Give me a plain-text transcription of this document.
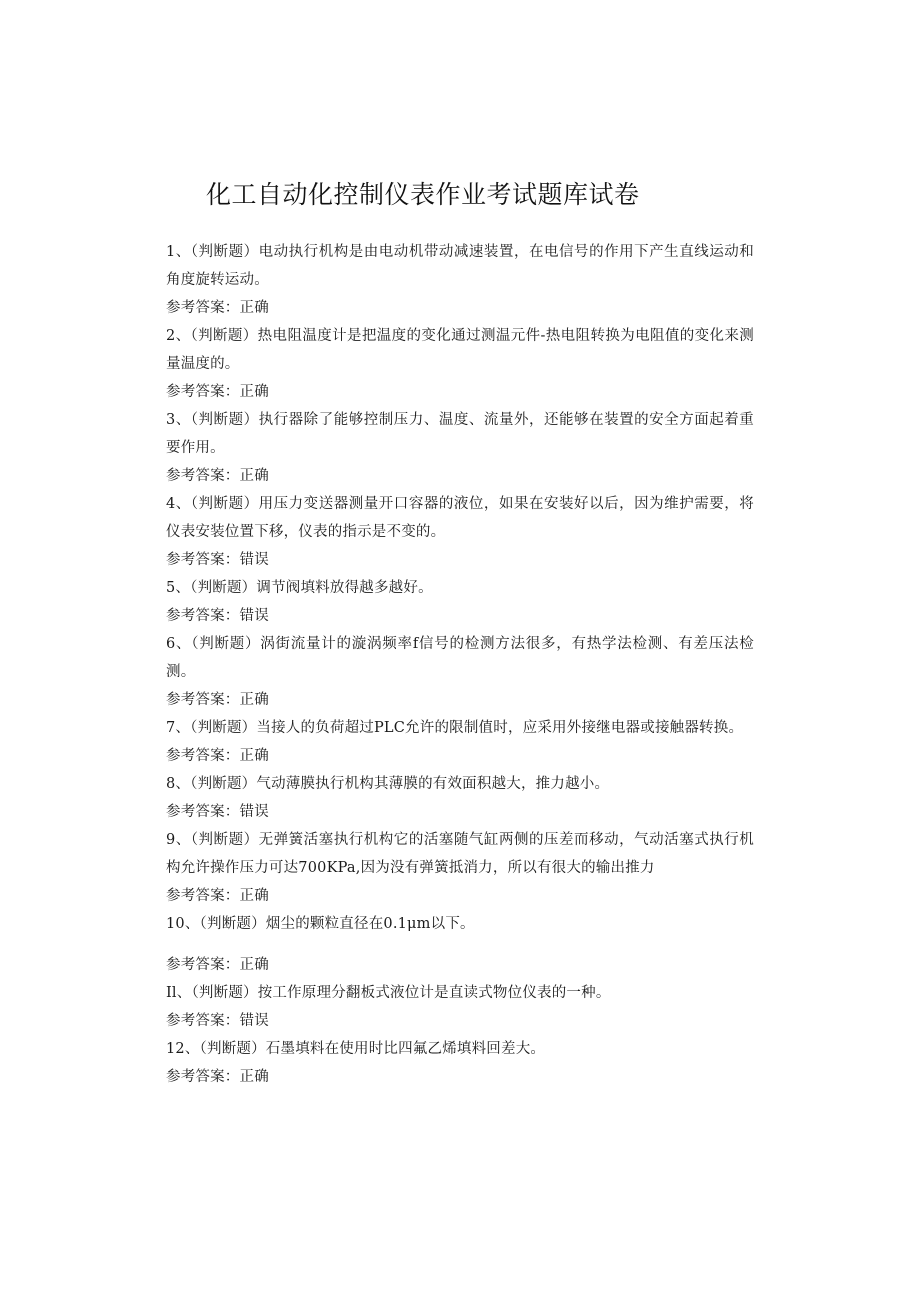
化工自动化控制仪表作业考试题库试卷

1、（判断题）电动执行机构是由电动机带动减速装置，在电信号的作用下产生直线运动和角度旋转运动。

参考答案：正确

2、（判断题）热电阻温度计是把温度的变化通过测温元件-热电阻转换为电阻值的变化来测量温度的。

参考答案：正确

3、（判断题）执行器除了能够控制压力、温度、流量外，还能够在装置的安全方面起着重要作用。

参考答案：正确

4、（判断题）用压力变送器测量开口容器的液位，如果在安装好以后，因为维护需要，将仪表安装位置下移，仪表的指示是不变的。

参考答案：错误

5、（判断题）调节阀填料放得越多越好。

参考答案：错误

6、（判断题）涡街流量计的漩涡频率f信号的检测方法很多，有热学法检测、有差压法检测。

参考答案：正确

7、（判断题）当接人的负荷超过PLC允许的限制值时，应采用外接继电器或接触器转换。

参考答案：正确

8、（判断题）气动薄膜执行机构其薄膜的有效面积越大，推力越小。

参考答案：错误

9、（判断题）无弹簧活塞执行机构它的活塞随气缸两侧的压差而移动，气动活塞式执行机构允许操作压力可达700KPa,因为没有弹簧抵消力，所以有很大的输出推力

参考答案：正确

10、（判断题）烟尘的颗粒直径在0.1μm以下。

参考答案：正确

Il、（判断题）按工作原理分翻板式液位计是直读式物位仪表的一种。

参考答案：错误

12、（判断题）石墨填料在使用时比四氟乙烯填料回差大。

参考答案：正确
